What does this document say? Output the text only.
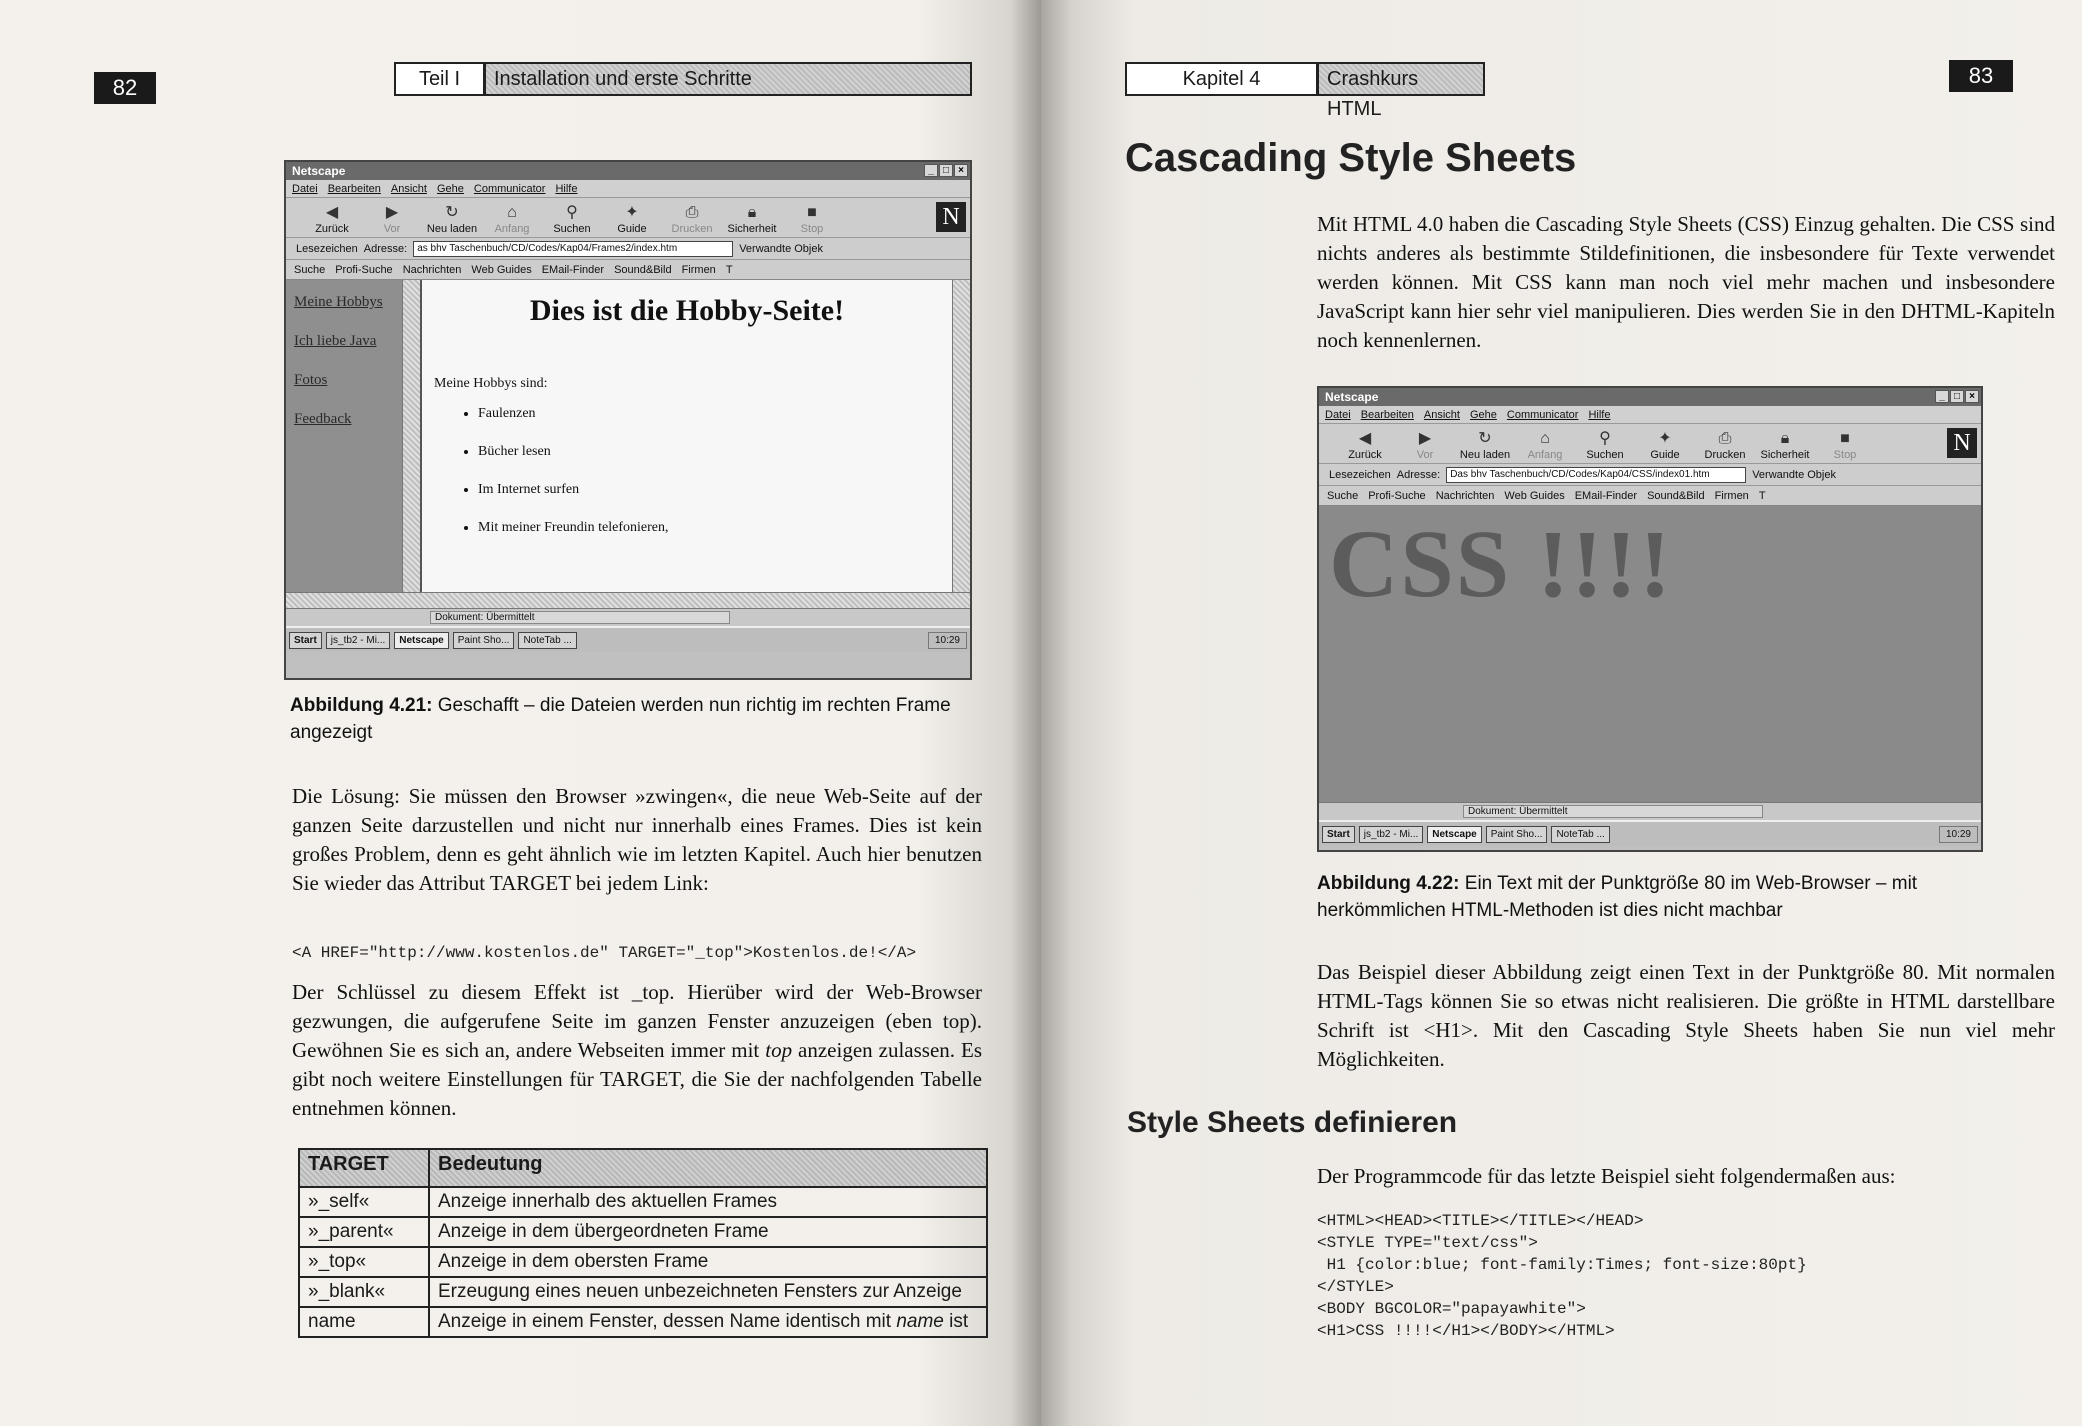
82	Teil I	Installation und erste Schritte
Netscape	_ □ ×
Datei Bearbeiten Ansicht Gehe Communicator Hilfe
◀
Zurück
▶
Vor
↻
Neu laden
⌂
Anfang
⚲
Suchen
✦
Guide
⎙
Drucken
🔒︎
Sicherheit
■
Stop	N
Lesezeichen Adresse:	as bhv Taschenbuch/CD/Codes/Kap04/Frames2/index.htm	Verwandte Objek
Suche Profi-Suche Nachrichten Web Guides EMail-Finder Sound&Bild Firmen T
Meine Hobbys
Ich liebe Java
Fotos
Feedback
Dies ist die Hobby-Seite!

Meine Hobbys sind:

• Faulenzen
• Bücher lesen
• Im Internet surfen
• Mit meiner Freundin telefonieren,
Dokument: Übermittelt
Start	js_tb2 - Mi...	Netscape	Paint Sho...	NoteTab ...	10:29
Abbildung 4.21: Geschafft – die Dateien werden nun richtig im rechten Frame angezeigt
Die Lösung: Sie müssen den Browser »zwingen«, die neue Web-Seite auf der ganzen Seite darzustellen und nicht nur innerhalb eines Frames. Dies ist kein großes Problem, denn es geht ähnlich wie im letzten Kapitel. Auch hier benutzen Sie wieder das Attribut TARGET bei jedem Link:
<A HREF="http://www.kostenlos.de" TARGET="_top">Kostenlos.de!</A>
Der Schlüssel zu diesem Effekt ist _top. Hierüber wird der Web-Browser gezwungen, die aufgerufene Seite im ganzen Fenster anzuzeigen (eben top). Gewöhnen Sie es sich an, andere Webseiten immer mit top anzeigen zulassen. Es gibt noch weitere Einstellungen für TARGET, die Sie der nachfolgenden Tabelle entnehmen können.
TARGET	Bedeutung
»_self«	Anzeige innerhalb des aktuellen Frames
»_parent«	Anzeige in dem übergeordneten Frame
»_top«	Anzeige in dem obersten Frame
»_blank«	Erzeugung eines neuen unbezeichneten Fensters zur Anzeige
name	Anzeige in einem Fenster, dessen Name identisch mit name ist
Kapitel 4	Crashkurs HTML
83
Cascading Style Sheets
Mit HTML 4.0 haben die Cascading Style Sheets (CSS) Einzug gehalten. Die CSS sind nichts anderes als bestimmte Stildefinitionen, die insbesondere für Texte verwendet werden können. Mit CSS kann man noch viel mehr machen und insbesondere JavaScript kann hier sehr viel manipulieren. Dies werden Sie in den DHTML-Kapiteln noch kennenlernen.
Netscape	_ □ ×
Datei Bearbeiten Ansicht Gehe Communicator Hilfe
◀
Zurück
▶
Vor
↻
Neu laden
⌂
Anfang
⚲
Suchen
✦
Guide
⎙
Drucken
🔒︎
Sicherheit
■
Stop	N
Lesezeichen Adresse:	Das bhv Taschenbuch/CD/Codes/Kap04/CSS/index01.htm	Verwandte Objek
Suche Profi-Suche Nachrichten Web Guides EMail-Finder Sound&Bild Firmen T
CSS !!!!
Dokument: Übermittelt
Start	js_tb2 - Mi...	Netscape	Paint Sho...	NoteTab ...	10:29
Abbildung 4.22: Ein Text mit der Punktgröße 80 im Web-Browser – mit herkömmlichen HTML-Methoden ist dies nicht machbar
Das Beispiel dieser Abbildung zeigt einen Text in der Punktgröße 80. Mit normalen HTML-Tags können Sie so etwas nicht realisieren. Die größte in HTML darstellbare Schrift ist <H1>. Mit den Cascading Style Sheets haben Sie nun viel mehr Möglichkeiten.
Style Sheets definieren
Der Programmcode für das letzte Beispiel sieht folgendermaßen aus:
<HTML><HEAD><TITLE></TITLE></HEAD>
<STYLE TYPE="text/css">
H1 {color:blue; font-family:Times; font-size:80pt}
</STYLE>
<BODY BGCOLOR="papayawhite">
<H1>CSS !!!!</H1></BODY></HTML>
